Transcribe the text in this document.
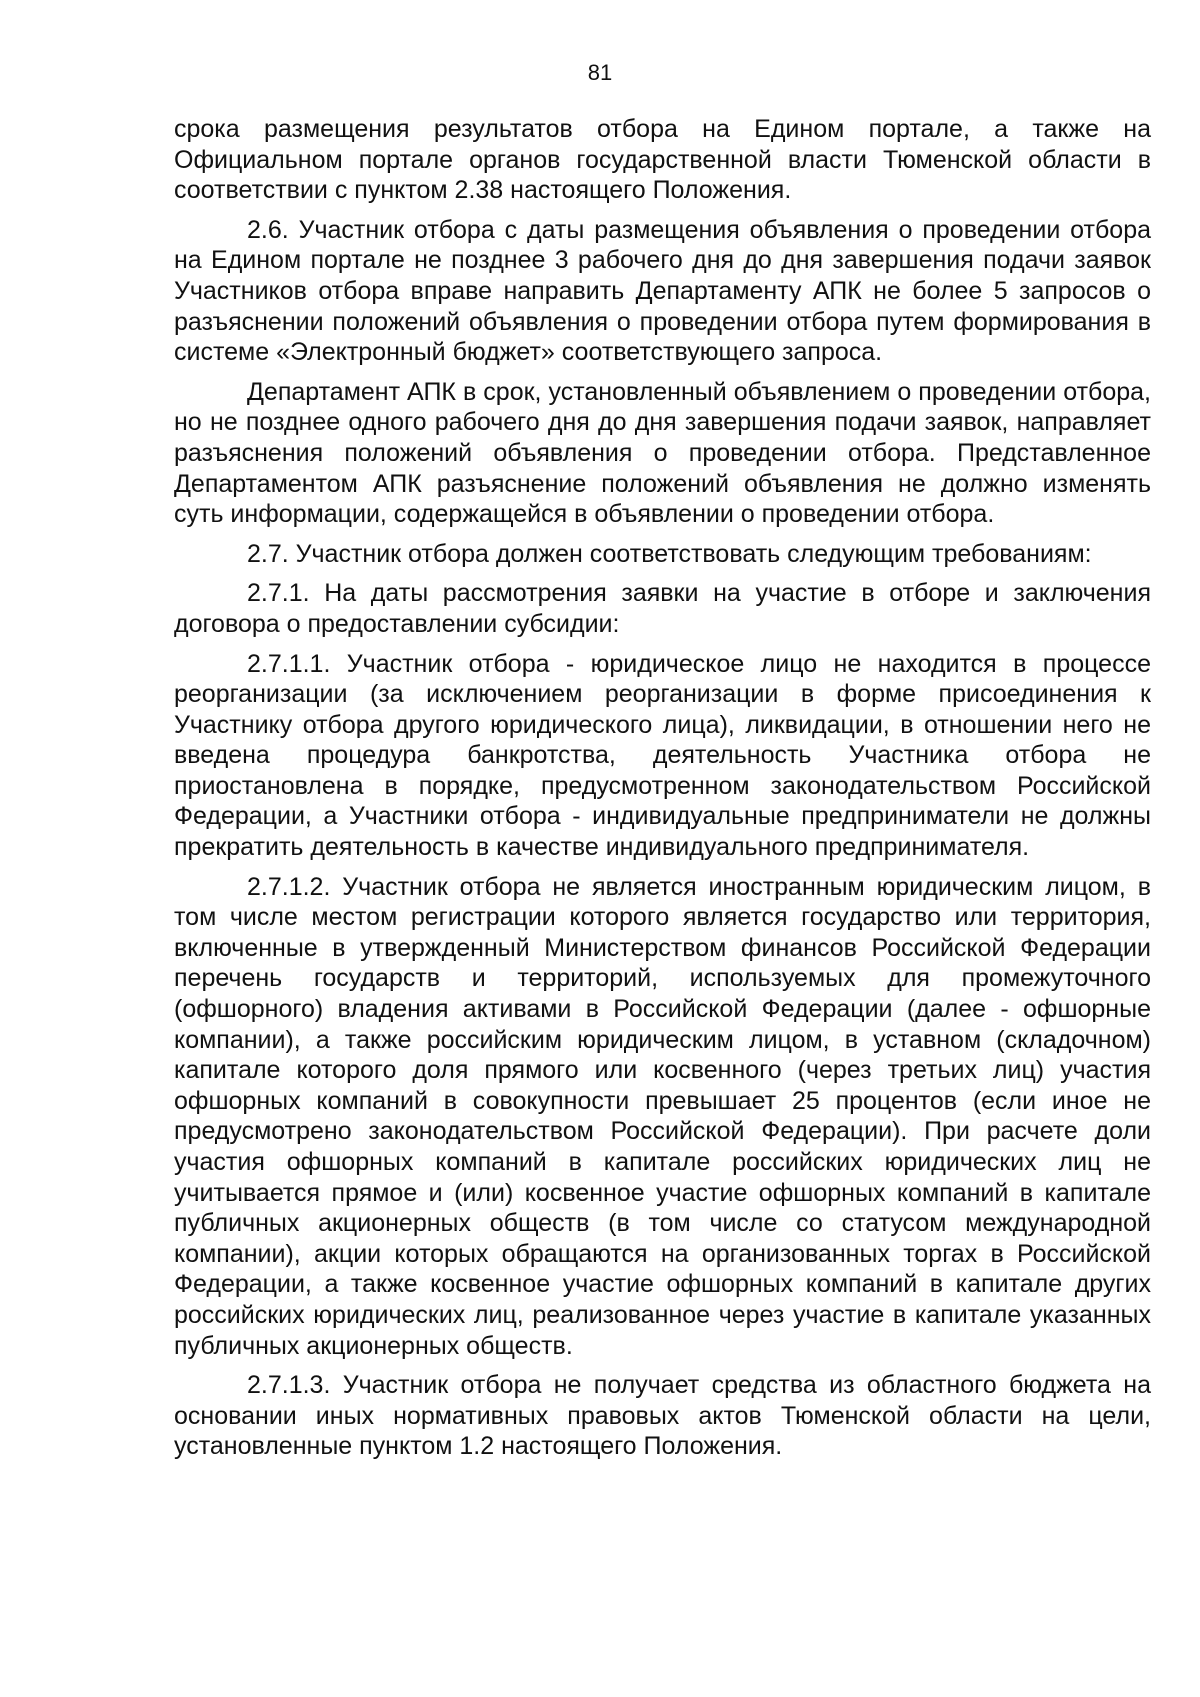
81

срока размещения результатов отбора на Едином портале, а также на Официальном портале органов государственной власти Тюменской области в соответствии с пунктом 2.38 настоящего Положения.

2.6. Участник отбора с даты размещения объявления о проведении отбора на Едином портале не позднее 3 рабочего дня до дня завершения подачи заявок Участников отбора вправе направить Департаменту АПК не более 5 запросов о разъяснении положений объявления о проведении отбора путем формирования в системе «Электронный бюджет» соответствующего запроса.

Департамент АПК в срок, установленный объявлением о проведении отбора, но не позднее одного рабочего дня до дня завершения подачи заявок, направляет разъяснения положений объявления о проведении отбора. Представленное Департаментом АПК разъяснение положений объявления не должно изменять суть информации, содержащейся в объявлении о проведении отбора.

2.7. Участник отбора должен соответствовать следующим требованиям:

2.7.1. На даты рассмотрения заявки на участие в отборе и заключения договора о предоставлении субсидии:

2.7.1.1. Участник отбора - юридическое лицо не находится в процессе реорганизации (за исключением реорганизации в форме присоединения к Участнику отбора другого юридического лица), ликвидации, в отношении него не введена процедура банкротства, деятельность Участника отбора не приостановлена в порядке, предусмотренном законодательством Российской Федерации, а Участники отбора - индивидуальные предприниматели не должны прекратить деятельность в качестве индивидуального предпринимателя.

2.7.1.2. Участник отбора не является иностранным юридическим лицом, в том числе местом регистрации которого является государство или территория, включенные в утвержденный Министерством финансов Российской Федерации перечень государств и территорий, используемых для промежуточного (офшорного) владения активами в Российской Федерации (далее - офшорные компании), а также российским юридическим лицом, в уставном (складочном) капитале которого доля прямого или косвенного (через третьих лиц) участия офшорных компаний в совокупности превышает 25 процентов (если иное не предусмотрено законодательством Российской Федерации). При расчете доли участия офшорных компаний в капитале российских юридических лиц не учитывается прямое и (или) косвенное участие офшорных компаний в капитале публичных акционерных обществ (в том числе со статусом международной компании), акции которых обращаются на организованных торгах в Российской Федерации, а также косвенное участие офшорных компаний в капитале других российских юридических лиц, реализованное через участие в капитале указанных публичных акционерных обществ.

2.7.1.3. Участник отбора не получает средства из областного бюджета на основании иных нормативных правовых актов Тюменской области на цели, установленные пунктом 1.2 настоящего Положения.
